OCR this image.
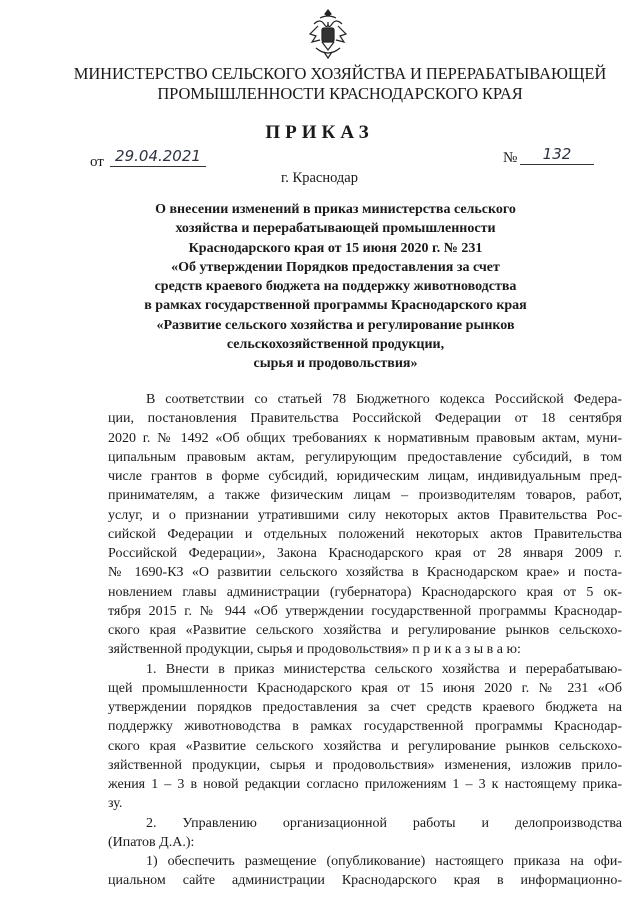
МИНИСТЕРСТВО СЕЛЬСКОГО ХОЗЯЙСТВА И ПЕРЕРАБАТЫВАЮЩЕЙ
ПРОМЫШЛЕННОСТИ КРАСНОДАРСКОГО КРАЯ
ПРИКАЗ
от 29.04.2021	№	132
г. Краснодар
О внесении изменений в приказ министерства сельского
хозяйства и перерабатывающей промышленности
Краснодарского края от 15 июня 2020 г. № 231
«Об утверждении Порядков предоставления за счет
средств краевого бюджета на поддержку животноводства
в рамках государственной программы Краснодарского края
«Развитие сельского хозяйства и регулирование рынков
сельскохозяйственной продукции,
сырья и продовольствия»
В соответствии со статьей 78 Бюджетного кодекса Российской Федера-
ции, постановления Правительства Российской Федерации от 18 сентября
2020 г. № 1492 «Об общих требованиях к нормативным правовым актам, муни-
ципальным правовым актам, регулирующим предоставление субсидий, в том
числе грантов в форме субсидий, юридическим лицам, индивидуальным пред-
принимателям, а также физическим лицам – производителям товаров, работ,
услуг, и о признании утратившими силу некоторых актов Правительства Рос-
сийской Федерации и отдельных положений некоторых актов Правительства
Российской Федерации», Закона Краснодарского края от 28 января 2009 г.
№ 1690-КЗ «О развитии сельского хозяйства в Краснодарском крае» и поста-
новлением главы администрации (губернатора) Краснодарского края от 5 ок-
тября 2015 г. № 944 «Об утверждении государственной программы Краснодар-
ского края «Развитие сельского хозяйства и регулирование рынков сельскохо-
зяйственной продукции, сырья и продовольствия» п р и к а з ы в а ю:
1. Внести в приказ министерства сельского хозяйства и перерабатываю-
щей промышленности Краснодарского края от 15 июня 2020 г. № 231 «Об
утверждении порядков предоставления за счет средств краевого бюджета на
поддержку животноводства в рамках государственной программы Краснодар-
ского края «Развитие сельского хозяйства и регулирование рынков сельскохо-
зяйственной продукции, сырья и продовольствия» изменения, изложив прило-
жения 1 – 3 в новой редакции согласно приложениям 1 – 3 к настоящему прика-
зу.
2. Управлению организационной работы и делопроизводства
(Ипатов Д.А.):
1) обеспечить размещение (опубликование) настоящего приказа на офи-
циальном сайте администрации Краснодарского края в информационно-
